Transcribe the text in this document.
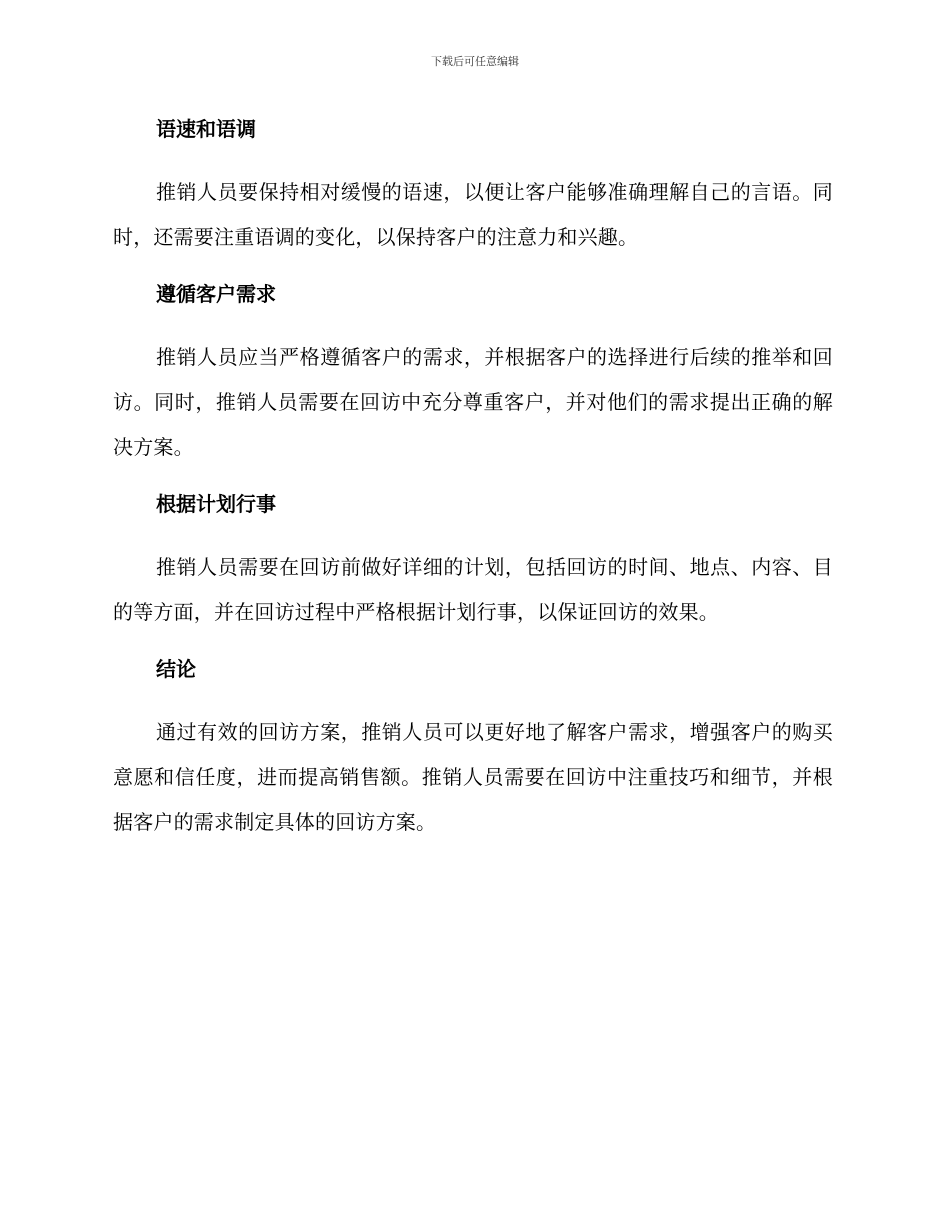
下载后可任意编辑
语速和语调

推销人员要保持相对缓慢的语速，以便让客户能够准确理解自己的言语。同时，还需要注重语调的变化，以保持客户的注意力和兴趣。

遵循客户需求

推销人员应当严格遵循客户的需求，并根据客户的选择进行后续的推举和回访。同时，推销人员需要在回访中充分尊重客户，并对他们的需求提出正确的解决方案。

根据计划行事

推销人员需要在回访前做好详细的计划，包括回访的时间、地点、内容、目的等方面，并在回访过程中严格根据计划行事，以保证回访的效果。

结论

通过有效的回访方案，推销人员可以更好地了解客户需求，增强客户的购买意愿和信任度，进而提高销售额。推销人员需要在回访中注重技巧和细节，并根据客户的需求制定具体的回访方案。
